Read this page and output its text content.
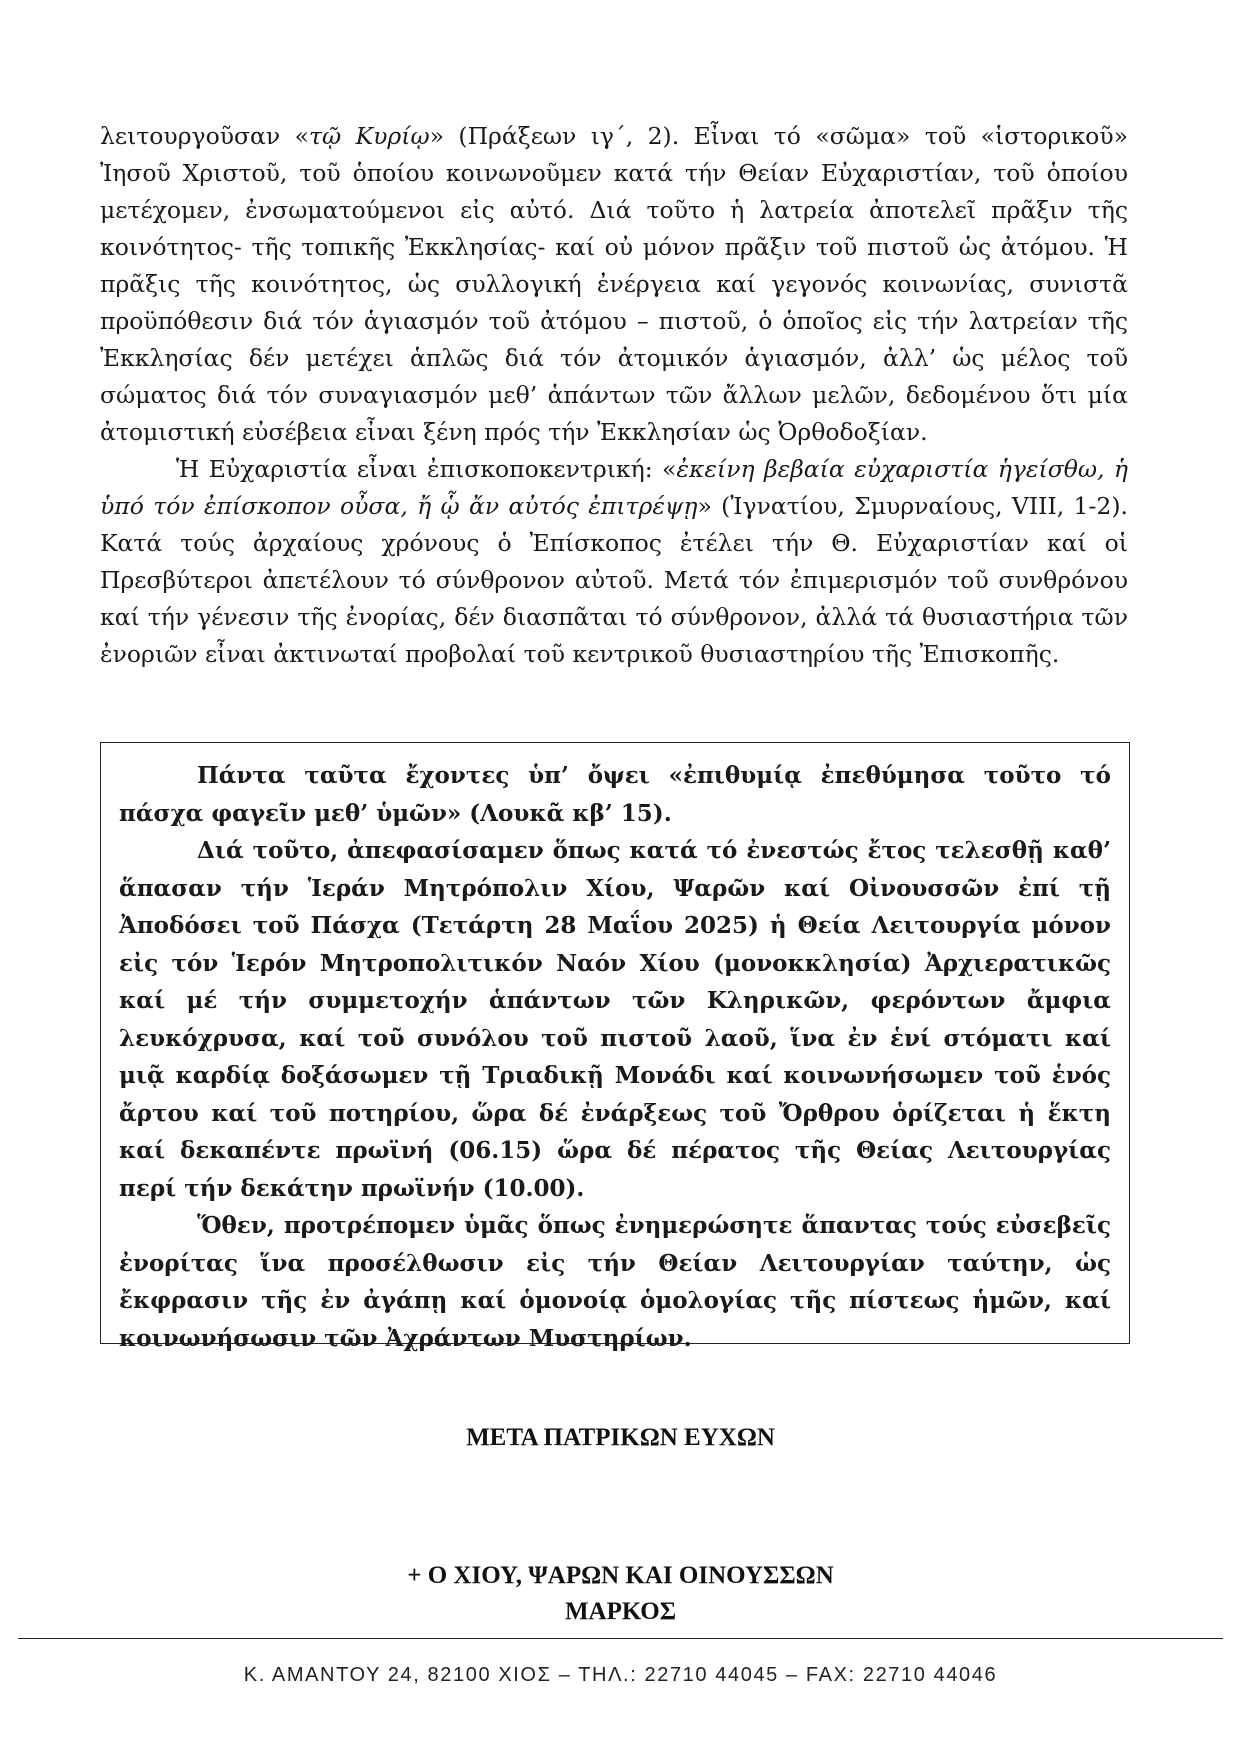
λειτουργοῦσαν «τῷ Κυρίῳ» (Πράξεων ιγ΄, 2). Εἶναι τό «σῶμα» τοῦ «ἱστορικοῦ» Ἰησοῦ Χριστοῦ, τοῦ ὁποίου κοινωνοῦμεν κατά τήν Θείαν Εὐχαριστίαν, τοῦ ὁποίου μετέχομεν, ἐνσωματούμενοι εἰς αὐτό. Διά τοῦτο ἡ λατρεία ἀποτελεῖ πρᾶξιν τῆς κοινότητος- τῆς τοπικῆς Ἐκκλησίας- καί οὐ μόνον πρᾶξιν τοῦ πιστοῦ ὡς ἀτόμου. Ἡ πρᾶξις τῆς κοινότητος, ὡς συλλογική ἐνέργεια καί γεγονός κοινωνίας, συνιστᾶ προϋπόθεσιν διά τόν ἁγιασμόν τοῦ ἀτόμου – πιστοῦ, ὁ ὁποῖος εἰς τήν λατρείαν τῆς Ἐκκλησίας δέν μετέχει ἁπλῶς διά τόν ἀτομικόν ἁγιασμόν, ἀλλ’ ὡς μέλος τοῦ σώματος διά τόν συναγιασμόν μεθ’ ἁπάντων τῶν ἄλλων μελῶν, δεδομένου ὅτι μία ἀτομιστική εὐσέβεια εἶναι ξένη πρός τήν Ἐκκλησίαν ὡς Ὀρθοδοξίαν.

Ἡ Εὐχαριστία εἶναι ἐπισκοποκεντρική: «ἐκείνη βεβαία εὐχαριστία ἡγείσθω, ἡ ὑπό τόν ἐπίσκοπον οὖσα, ἤ ᾧ ἄν αὐτός ἐπιτρέψῃ» (Ἰγνατίου, Σμυρναίους, VIII, 1-2). Κατά τούς ἀρχαίους χρόνους ὁ Ἐπίσκοπος ἐτέλει τήν Θ. Εὐχαριστίαν καί οἱ Πρεσβύτεροι ἀπετέλουν τό σύνθρονον αὐτοῦ. Μετά τόν ἐπιμερισμόν τοῦ συνθρόνου καί τήν γένεσιν τῆς ἐνορίας, δέν διασπᾶται τό σύνθρονον, ἀλλά τά θυσιαστήρια τῶν ἐνοριῶν εἶναι ἀκτινωταί προβολαί τοῦ κεντρικοῦ θυσιαστηρίου τῆς Ἐπισκοπῆς.

Πάντα ταῦτα ἔχοντες ὑπ’ ὄψει «ἐπιθυμίᾳ ἐπεθύμησα τοῦτο τό πάσχα φαγεῖν μεθ’ ὑμῶν» (Λουκᾶ κβ’ 15).

Διά τοῦτο, ἀπεφασίσαμεν ὅπως κατά τό ἐνεστώς ἔτος τελεσθῇ καθ’ ἅπασαν τήν Ἱεράν Μητρόπολιν Χίου, Ψαρῶν καί Οἰνουσσῶν ἐπί τῇ Ἀποδόσει τοῦ Πάσχα (Τετάρτη 28 Μαΐου 2025) ἡ Θεία Λειτουργία μόνον εἰς τόν Ἱερόν Μητροπολιτικόν Ναόν Χίου (μονοκκλησία) Ἀρχιερατικῶς καί μέ τήν συμμετοχήν ἁπάντων τῶν Κληρικῶν, φερόντων ἄμφια λευκόχρυσα, καί τοῦ συνόλου τοῦ πιστοῦ λαοῦ, ἵνα ἐν ἑνί στόματι καί μιᾷ καρδίᾳ δοξάσωμεν τῇ Τριαδικῇ Μονάδι καί κοινωνήσωμεν τοῦ ἑνός ἄρτου καί τοῦ ποτηρίου, ὥρα δέ ἐνάρξεως τοῦ Ὄρθρου ὁρίζεται ἡ ἕκτη καί δεκαπέντε πρωϊνή (06.15) ὥρα δέ πέρατος τῆς Θείας Λειτουργίας περί τήν δεκάτην πρωϊνήν (10.00).

Ὅθεν, προτρέπομεν ὑμᾶς ὅπως ἐνημερώσητε ἅπαντας τούς εὐσεβεῖς ἐνορίτας ἵνα προσέλθωσιν εἰς τήν Θείαν Λειτουργίαν ταύτην, ὡς ἔκφρασιν τῆς ἐν ἀγάπῃ καί ὁμονοίᾳ ὁμολογίας τῆς πίστεως ἡμῶν, καί κοινωνήσωσιν τῶν Ἀχράντων Μυστηρίων.

ΜΕΤΑ ΠΑΤΡΙΚΩΝ ΕΥΧΩΝ
+ Ο ΧΙΟΥ, ΨΑΡΩΝ ΚΑΙ ΟΙΝΟΥΣΣΩΝ
ΜΑΡΚΟΣ
Κ. ΑΜΑΝΤΟΥ 24, 82100 ΧΙΟΣ – ΤΗΛ.: 22710 44045 – FAX: 22710 44046
